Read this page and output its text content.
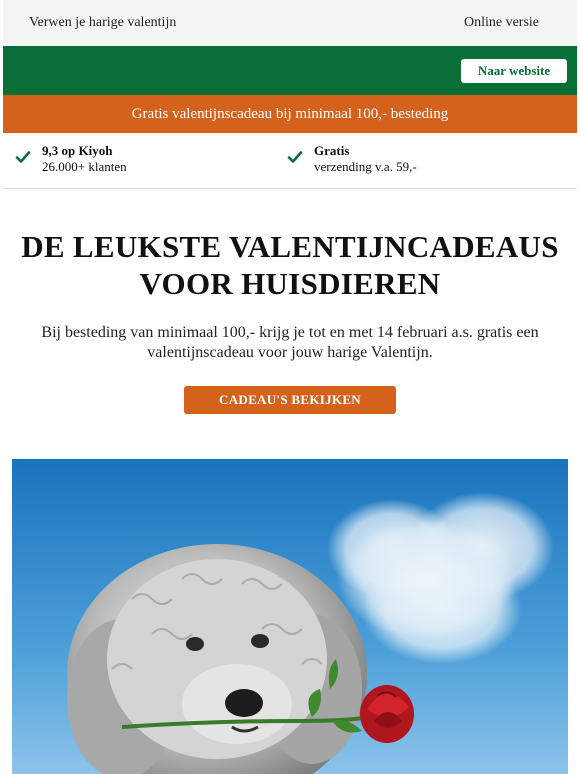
Verwen je harige valentijn	Online versie
Naar website
Gratis valentijnscadeau bij minimaal 100,- besteding
9,3 op Kiyoh
26.000+ klanten
Gratis
verzending v.a. 59,-
DE LEUKSTE VALENTIJNCADEAUS
VOOR HUISDIEREN
Bij besteding van minimaal 100,- krijg je tot en met 14 februari a.s. gratis een
valentijnscadeau voor jouw harige Valentijn.
CADEAU'S BEKIJKEN
